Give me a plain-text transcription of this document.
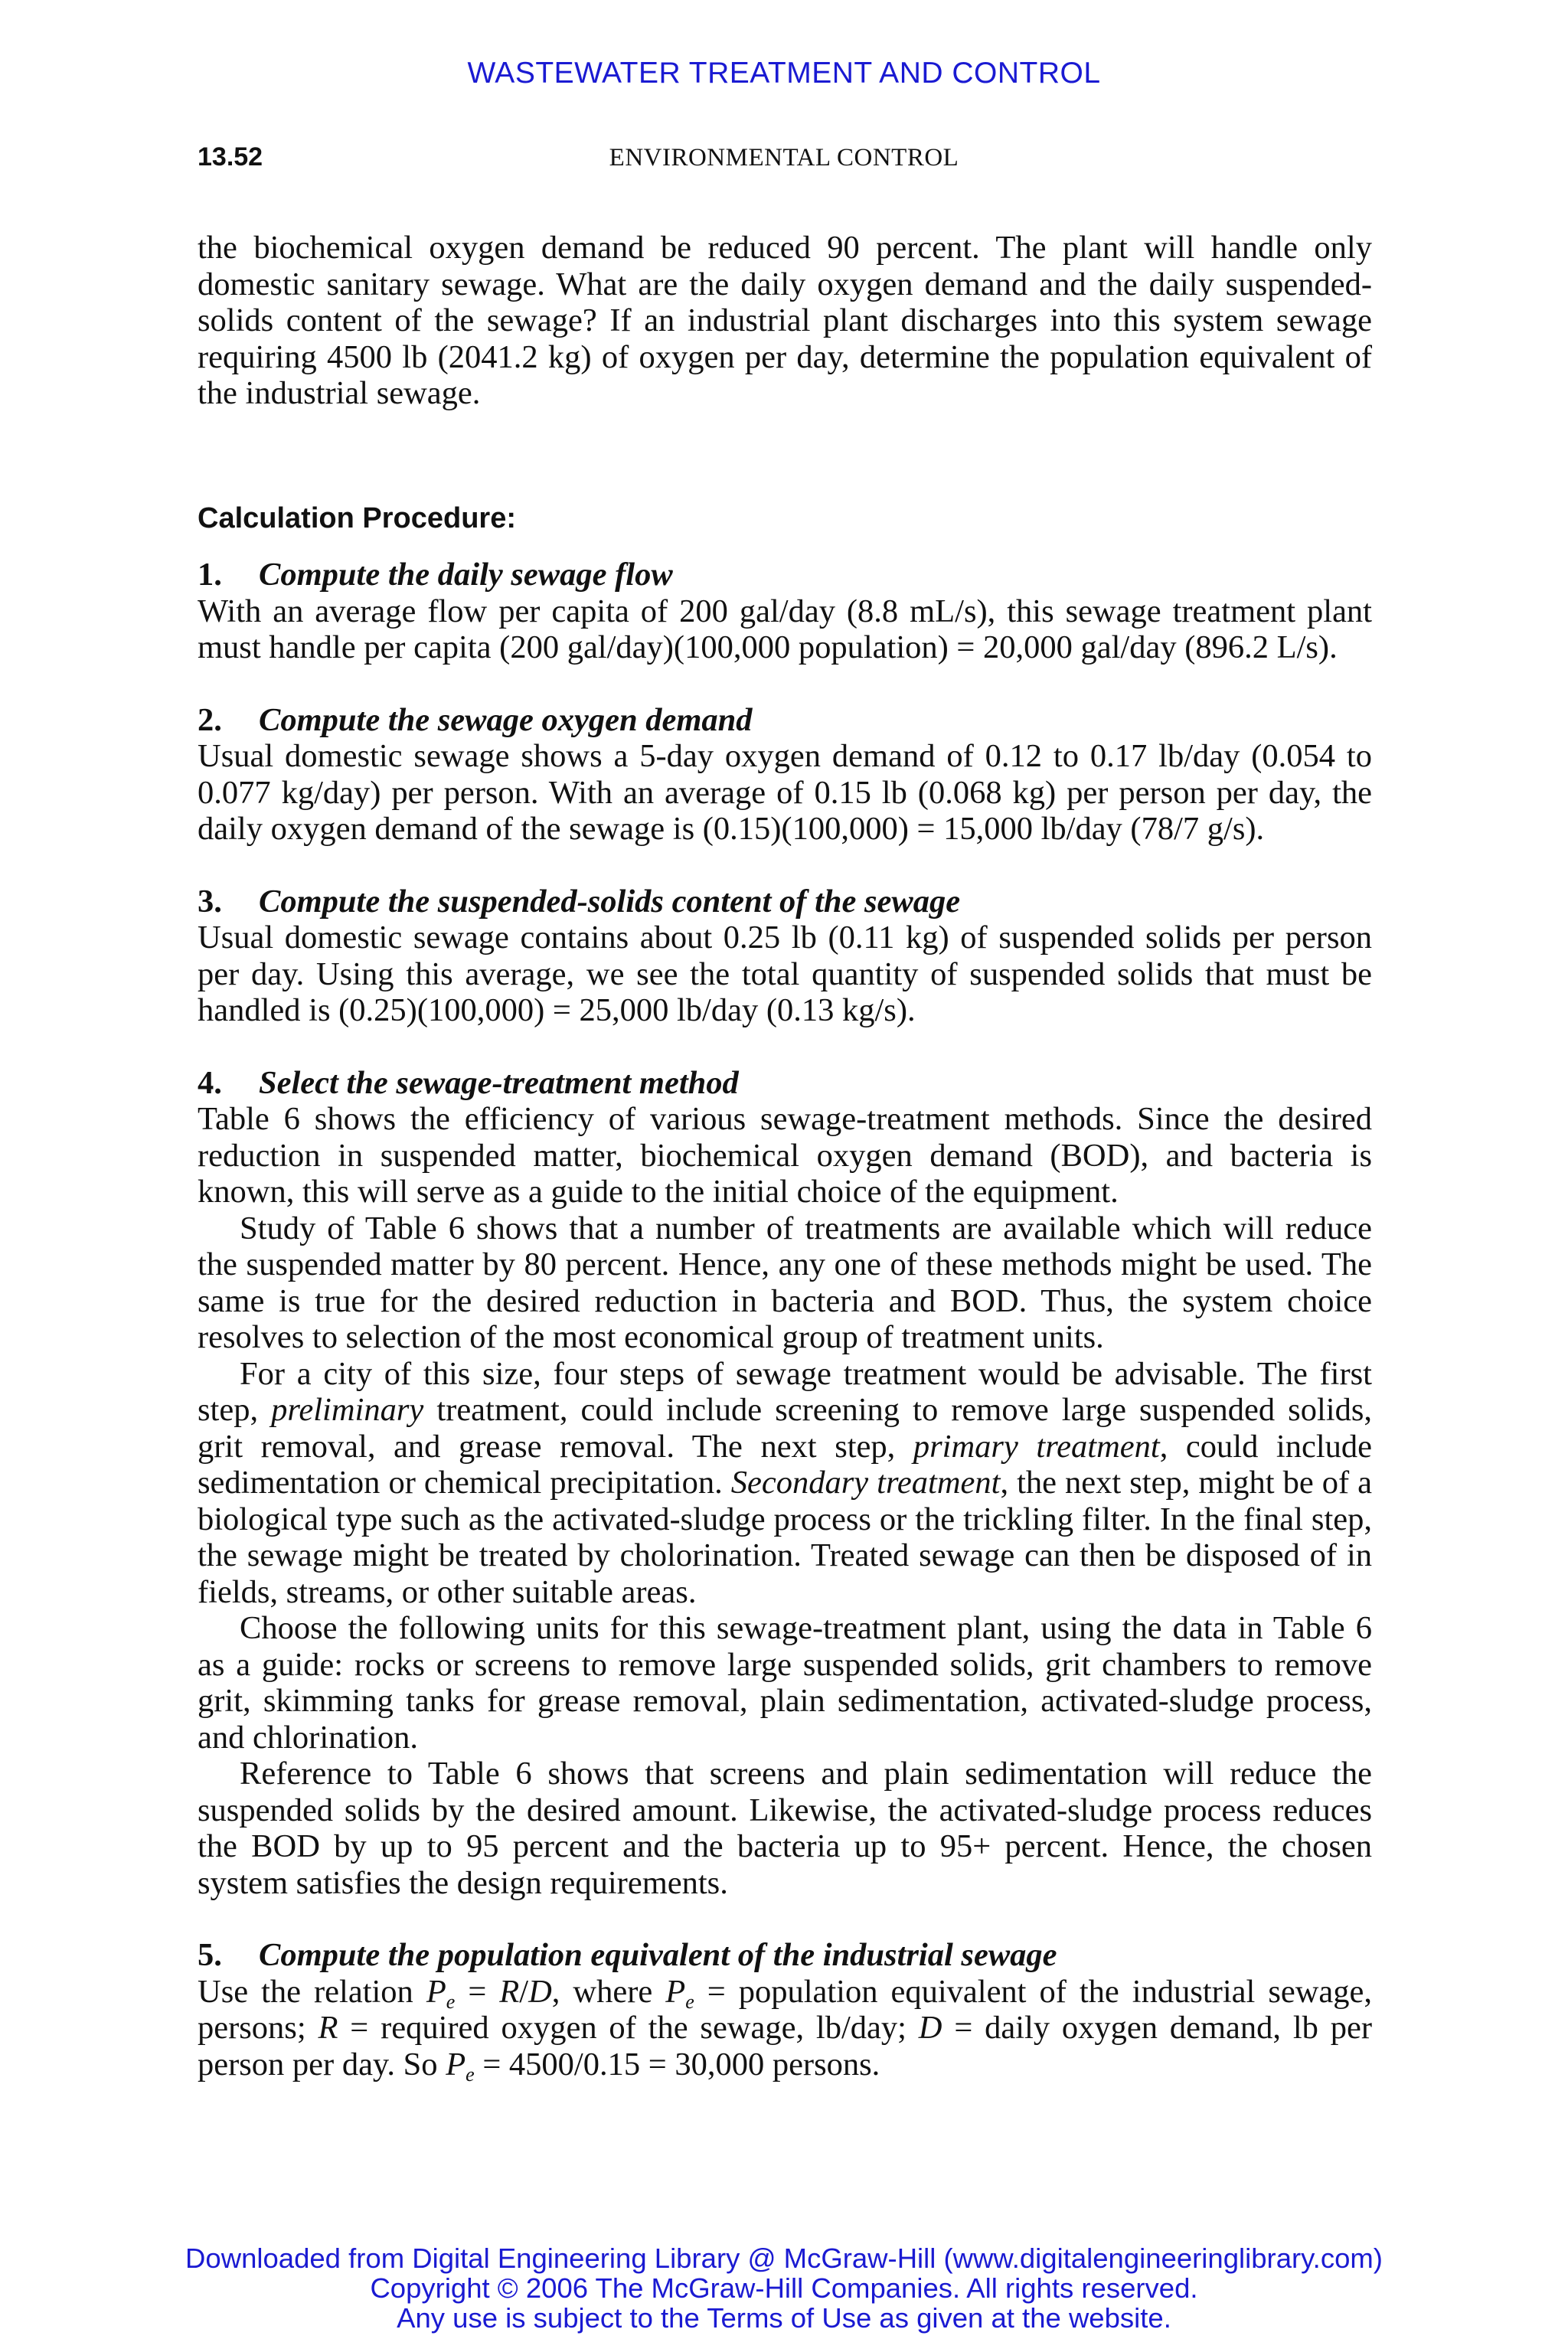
WASTEWATER TREATMENT AND CONTROL
13.52	ENVIRONMENTAL CONTROL

the biochemical oxygen demand be reduced 90 percent. The plant will handle only domestic sanitary sewage. What are the daily oxygen demand and the daily suspended-solids content of the sewage? If an industrial plant discharges into this system sewage requiring 4500 lb (2041.2 kg) of oxygen per day, determine the population equivalent of the industrial sewage.

Calculation Procedure:

1. Compute the daily sewage flow

With an average flow per capita of 200 gal/day (8.8 mL/s), this sewage treatment plant must handle per capita (200 gal/day)(100,000 population) = 20,000 gal/day (896.2 L/s).

2. Compute the sewage oxygen demand

Usual domestic sewage shows a 5-day oxygen demand of 0.12 to 0.17 lb/day (0.054 to 0.077 kg/day) per person. With an average of 0.15 lb (0.068 kg) per person per day, the daily oxygen demand of the sewage is (0.15)(100,000) = 15,000 lb/day (78/7 g/s).

3. Compute the suspended-solids content of the sewage

Usual domestic sewage contains about 0.25 lb (0.11 kg) of suspended solids per person per day. Using this average, we see the total quantity of suspended solids that must be handled is (0.25)(100,000) = 25,000 lb/day (0.13 kg/s).

4. Select the sewage-treatment method

Table 6 shows the efficiency of various sewage-treatment methods. Since the desired reduction in suspended matter, biochemical oxygen demand (BOD), and bacteria is known, this will serve as a guide to the initial choice of the equipment.

Study of Table 6 shows that a number of treatments are available which will reduce the suspended matter by 80 percent. Hence, any one of these methods might be used. The same is true for the desired reduction in bacteria and BOD. Thus, the system choice resolves to selection of the most economical group of treatment units.

For a city of this size, four steps of sewage treatment would be advisable. The first step, preliminary treatment, could include screening to remove large suspended solids, grit removal, and grease removal. The next step, primary treatment, could include sedimentation or chemical precipitation. Secondary treatment, the next step, might be of a biological type such as the activated-sludge process or the trickling filter. In the final step, the sewage might be treated by cholorination. Treated sewage can then be disposed of in fields, streams, or other suitable areas.

Choose the following units for this sewage-treatment plant, using the data in Table 6 as a guide: rocks or screens to remove large suspended solids, grit chambers to remove grit, skimming tanks for grease removal, plain sedimentation, activated-sludge process, and chlorination.

Reference to Table 6 shows that screens and plain sedimentation will reduce the suspended solids by the desired amount. Likewise, the activated-sludge process reduces the BOD by up to 95 percent and the bacteria up to 95+ percent. Hence, the chosen system satisfies the design requirements.

5. Compute the population equivalent of the industrial sewage

Use the relation $P_e = R/D$, where $P_e$ = population equivalent of the industrial sewage, persons; R = required oxygen of the sewage, lb/day; D = daily oxygen demand, lb per person per day. So $P_e = 4500/0.15 = 30,000$ persons.

Downloaded from Digital Engineering Library @ McGraw-Hill (www.digitalengineeringlibrary.com)
Copyright © 2006 The McGraw-Hill Companies. All rights reserved.
Any use is subject to the Terms of Use as given at the website.
